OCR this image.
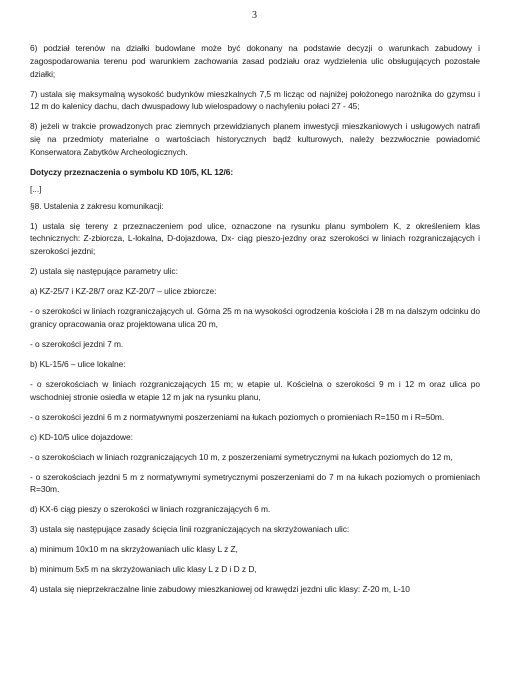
3

6) podział terenów na działki budowlane może być dokonany na podstawie decyzji o warunkach zabudowy i zagospodarowania terenu pod warunkiem zachowania zasad podziału oraz wydzielenia ulic obsługujących pozostałe działki;

7) ustala się maksymalną wysokość budynków mieszkalnych 7,5 m licząc od najniżej położonego narożnika do gzymsu i 12 m do kalenicy dachu, dach dwuspadowy lub wielospadowy o nachyleniu połaci 27 - 45;

8) jeżeli w trakcie prowadzonych prac ziemnych przewidzianych planem inwestycji mieszkaniowych i usługowych natrafi się na przedmioty materialne o wartościach historycznych bądź kulturowych, należy bezzwłocznie powiadomić Konserwatora Zabytków Archeologicznych.

Dotyczy przeznaczenia o symbolu KD 10/5, KL 12/6:

[...]

§8. Ustalenia z zakresu komunikacji:

1) ustala się tereny z przeznaczeniem pod ulice, oznaczone na rysunku planu symbolem K, z określeniem klas technicznych: Z-zbiorcza, L-lokalna, D-dojazdowa, Dx- ciąg pieszo-jezdny oraz szerokości w liniach rozgraniczających i szerokości jezdni;

2) ustala się następujące parametry ulic:

a) KZ-25/7 i KZ-28/7 oraz KZ-20/7 – ulice zbiorcze:

- o szerokości w liniach rozgraniczających ul. Górna 25 m na wysokości ogrodzenia kościoła i 28 m na dalszym odcinku do granicy opracowania oraz projektowana ulica 20 m,

- o szerokości jezdni 7 m.

b) KL-15/6 – ulice lokalne:

- o szerokościach w liniach rozgraniczających 15 m; w etapie ul. Kościelna o szerokości 9 m i 12 m oraz ulica po wschodniej stronie osiedla w etapie 12 m jak na rysunku planu,

- o szerokości jezdni 6 m z normatywnymi poszerzeniami na łukach poziomych o promieniach R=150 m i R=50m.

c) KD-10/5 ulice dojazdowe:

- o szerokościach w liniach rozgraniczających 10 m, z poszerzeniami symetrycznymi na łukach poziomych do 12 m,

- o szerokościach jezdni 5 m z normatywnymi symetrycznymi poszerzeniami do 7 m na łukach poziomych o promieniach R=30m.

d) KX-6 ciąg pieszy o szerokości w liniach rozgraniczających 6 m.

3) ustala się następujące zasady ścięcia linii rozgraniczających na skrzyżowaniach ulic:

a) minimum 10x10 m na skrzyżowaniach ulic klasy L z Z,

b) minimum 5x5 m na skrzyżowaniach ulic klasy L z D i D z D,

4) ustala się nieprzekraczalne linie zabudowy mieszkaniowej od krawędzi jezdni ulic klasy: Z-20 m, L-10
